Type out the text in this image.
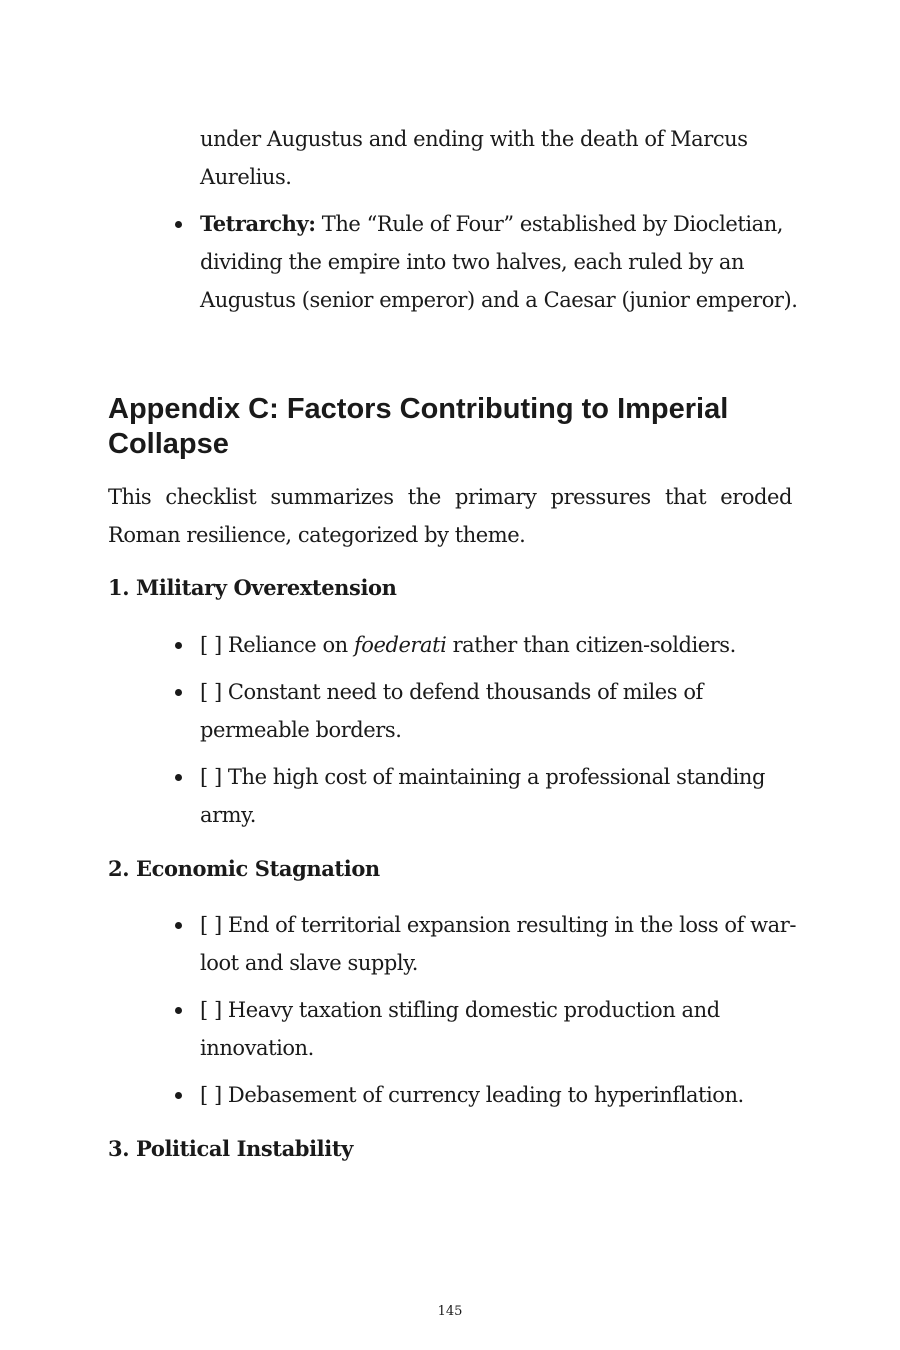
under Augustus and ending with the death of Marcus Aurelius.
Tetrarchy: The “Rule of Four” established by Diocletian, dividing the empire into two halves, each ruled by an Augustus (senior emperor) and a Caesar (junior emperor).
Appendix C: Factors Contributing to Imperial Collapse

This checklist summarizes the primary pressures that eroded Roman resilience, categorized by theme.

1. Military Overextension
[ ] Reliance on foederati rather than citizen-soldiers.
[ ] Constant need to defend thousands of miles of permeable borders.
[ ] The high cost of maintaining a professional standing army.
2. Economic Stagnation
[ ] End of territorial expansion resulting in the loss of war-loot and slave supply.
[ ] Heavy taxation stifling domestic production and innovation.
[ ] Debasement of currency leading to hyperinflation.
3. Political Instability
145
